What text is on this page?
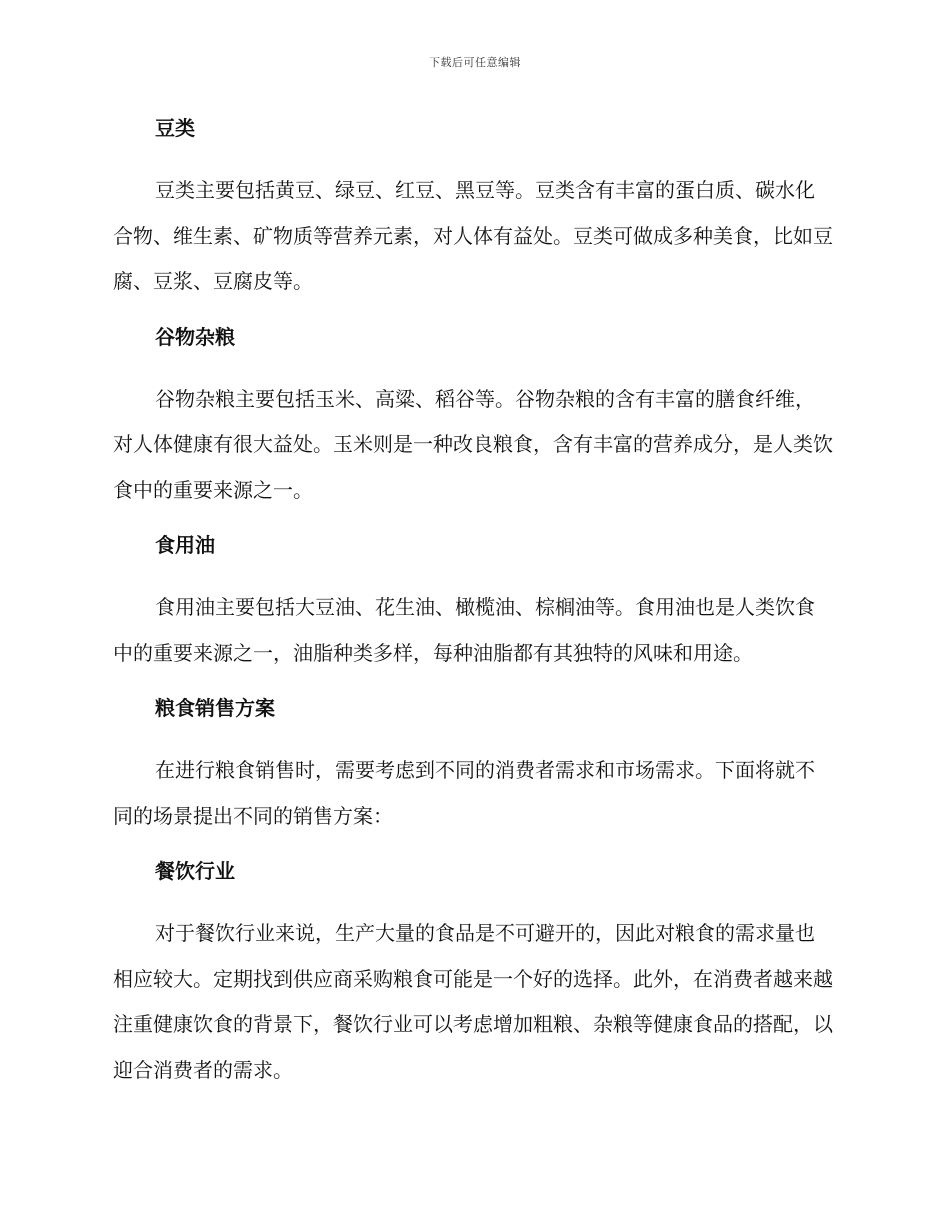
下载后可任意编辑
豆类

豆类主要包括黄豆、绿豆、红豆、黑豆等。豆类含有丰富的蛋白质、碳水化合物、维生素、矿物质等营养元素，对人体有益处。豆类可做成多种美食，比如豆腐、豆浆、豆腐皮等。

谷物杂粮

谷物杂粮主要包括玉米、高粱、稻谷等。谷物杂粮的含有丰富的膳食纤维，对人体健康有很大益处。玉米则是一种改良粮食，含有丰富的营养成分，是人类饮食中的重要来源之一。

食用油

食用油主要包括大豆油、花生油、橄榄油、棕榈油等。食用油也是人类饮食中的重要来源之一，油脂种类多样，每种油脂都有其独特的风味和用途。

粮食销售方案

在进行粮食销售时，需要考虑到不同的消费者需求和市场需求。下面将就不同的场景提出不同的销售方案：

餐饮行业

对于餐饮行业来说，生产大量的食品是不可避开的，因此对粮食的需求量也相应较大。定期找到供应商采购粮食可能是一个好的选择。此外，在消费者越来越注重健康饮食的背景下，餐饮行业可以考虑增加粗粮、杂粮等健康食品的搭配，以迎合消费者的需求。
